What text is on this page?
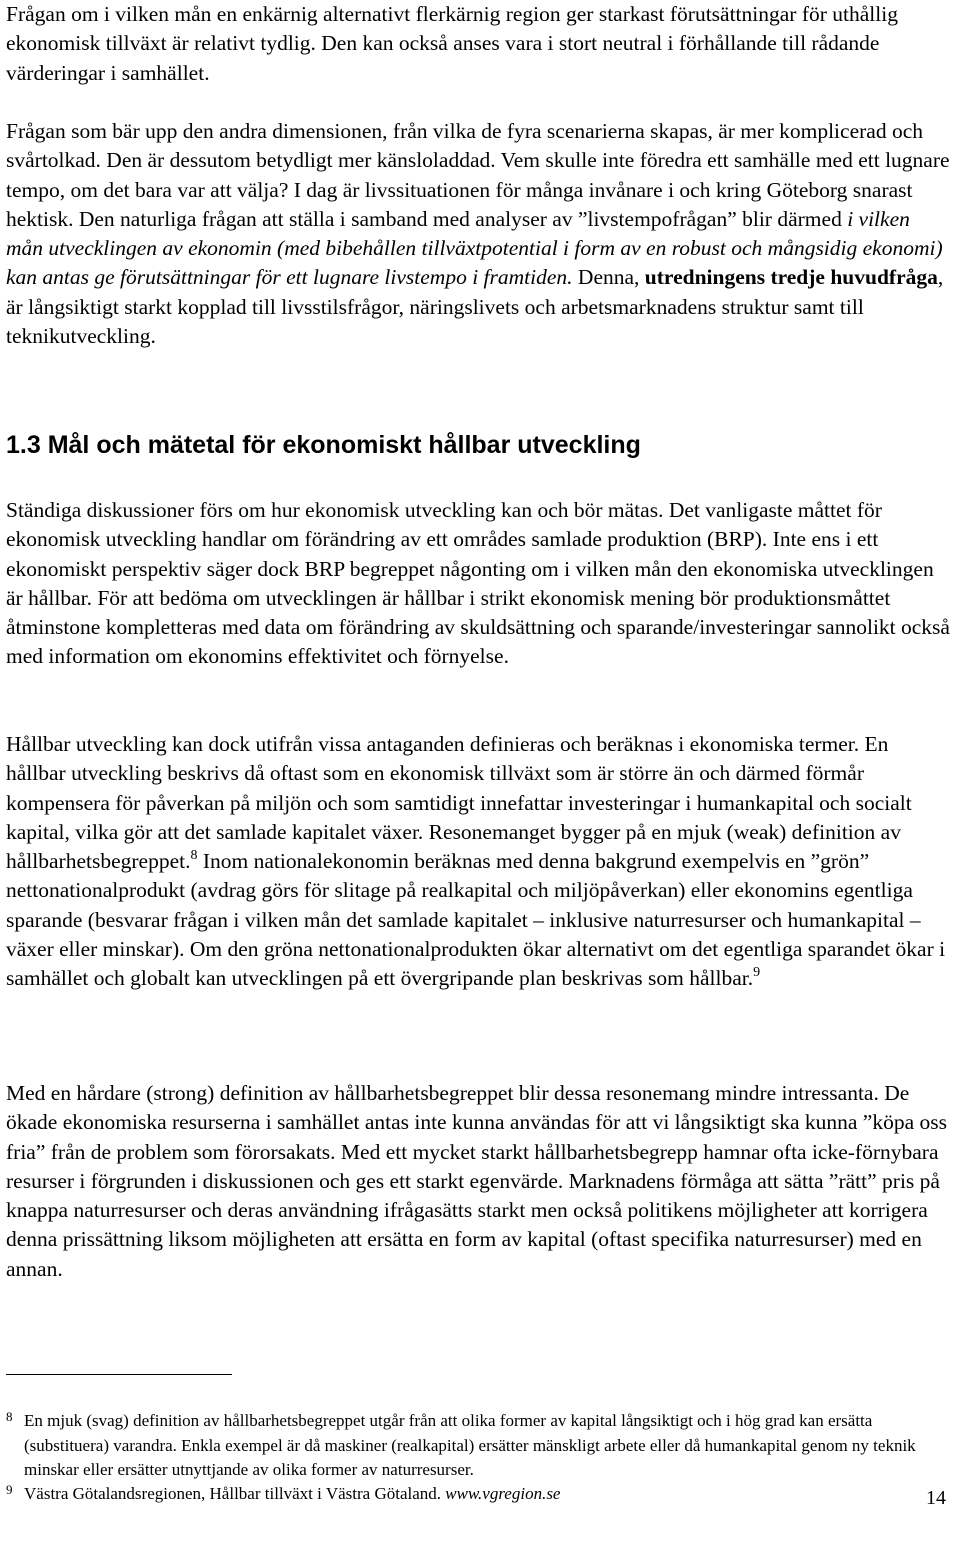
Frågan om i vilken mån en enkärnig alternativt flerkärnig region ger starkast förutsättningar för uthållig ekonomisk tillväxt är relativt tydlig. Den kan också anses vara i stort neutral i förhållande till rådande värderingar i samhället.

Frågan som bär upp den andra dimensionen, från vilka de fyra scenarierna skapas, är mer komplicerad och svårtolkad. Den är dessutom betydligt mer känsloladdad. Vem skulle inte föredra ett samhälle med ett lugnare tempo, om det bara var att välja? I dag är livssituationen för många invånare i och kring Göteborg snarast hektisk. Den naturliga frågan att ställa i samband med analyser av ”livstempofrågan” blir därmed i vilken mån utvecklingen av ekonomin (med bibehållen tillväxtpotential i form av en robust och mångsidig ekonomi) kan antas ge förutsättningar för ett lugnare livstempo i framtiden. Denna, utredningens tredje huvudfråga, är långsiktigt starkt kopplad till livsstilsfrågor, näringslivets och arbetsmarknadens struktur samt till teknikutveckling.

1.3 Mål och mätetal för ekonomiskt hållbar utveckling

Ständiga diskussioner förs om hur ekonomisk utveckling kan och bör mätas. Det vanligaste måttet för ekonomisk utveckling handlar om förändring av ett områdes samlade produktion (BRP). Inte ens i ett ekonomiskt perspektiv säger dock BRP begreppet någonting om i vilken mån den ekonomiska utvecklingen är hållbar. För att bedöma om utvecklingen är hållbar i strikt ekonomisk mening bör produktionsmåttet åtminstone kompletteras med data om förändring av skuldsättning och sparande/investeringar sannolikt också med information om ekonomins effektivitet och förnyelse.

Hållbar utveckling kan dock utifrån vissa antaganden definieras och beräknas i ekonomiska termer. En hållbar utveckling beskrivs då oftast som en ekonomisk tillväxt som är större än och därmed förmår kompensera för påverkan på miljön och som samtidigt innefattar investeringar i humankapital och socialt kapital, vilka gör att det samlade kapitalet växer. Resonemanget bygger på en mjuk (weak) definition av hållbarhetsbegreppet.$^8$ Inom nationalekonomin beräknas med denna bakgrund exempelvis en ”grön” nettonationalprodukt (avdrag görs för slitage på realkapital och miljöpåverkan) eller ekonomins egentliga sparande (besvarar frågan i vilken mån det samlade kapitalet – inklusive naturresurser och humankapital – växer eller minskar). Om den gröna nettonationalprodukten ökar alternativt om det egentliga sparandet ökar i samhället och globalt kan utvecklingen på ett övergripande plan beskrivas som hållbar.$^9$

Med en hårdare (strong) definition av hållbarhetsbegreppet blir dessa resonemang mindre intressanta. De ökade ekonomiska resurserna i samhället antas inte kunna användas för att vi långsiktigt ska kunna ”köpa oss fria” från de problem som förorsakats. Med ett mycket starkt hållbarhetsbegrepp hamnar ofta icke-förnybara resurser i förgrunden i diskussionen och ges ett starkt egenvärde. Marknadens förmåga att sätta ”rätt” pris på knappa naturresurser och deras användning ifrågasätts starkt men också politikens möjligheter att korrigera denna prissättning liksom möjligheten att ersätta en form av kapital (oftast specifika naturresurser) med en annan.

8 En mjuk (svag) definition av hållbarhetsbegreppet utgår från att olika former av kapital långsiktigt och i hög grad kan ersätta (substituera) varandra. Enkla exempel är då maskiner (realkapital) ersätter mänskligt arbete eller då humankapital genom ny teknik minskar eller ersätter utnyttjande av olika former av naturresurser.
9 Västra Götalandsregionen, Hållbar tillväxt i Västra Götaland. www.vgregion.se	14
